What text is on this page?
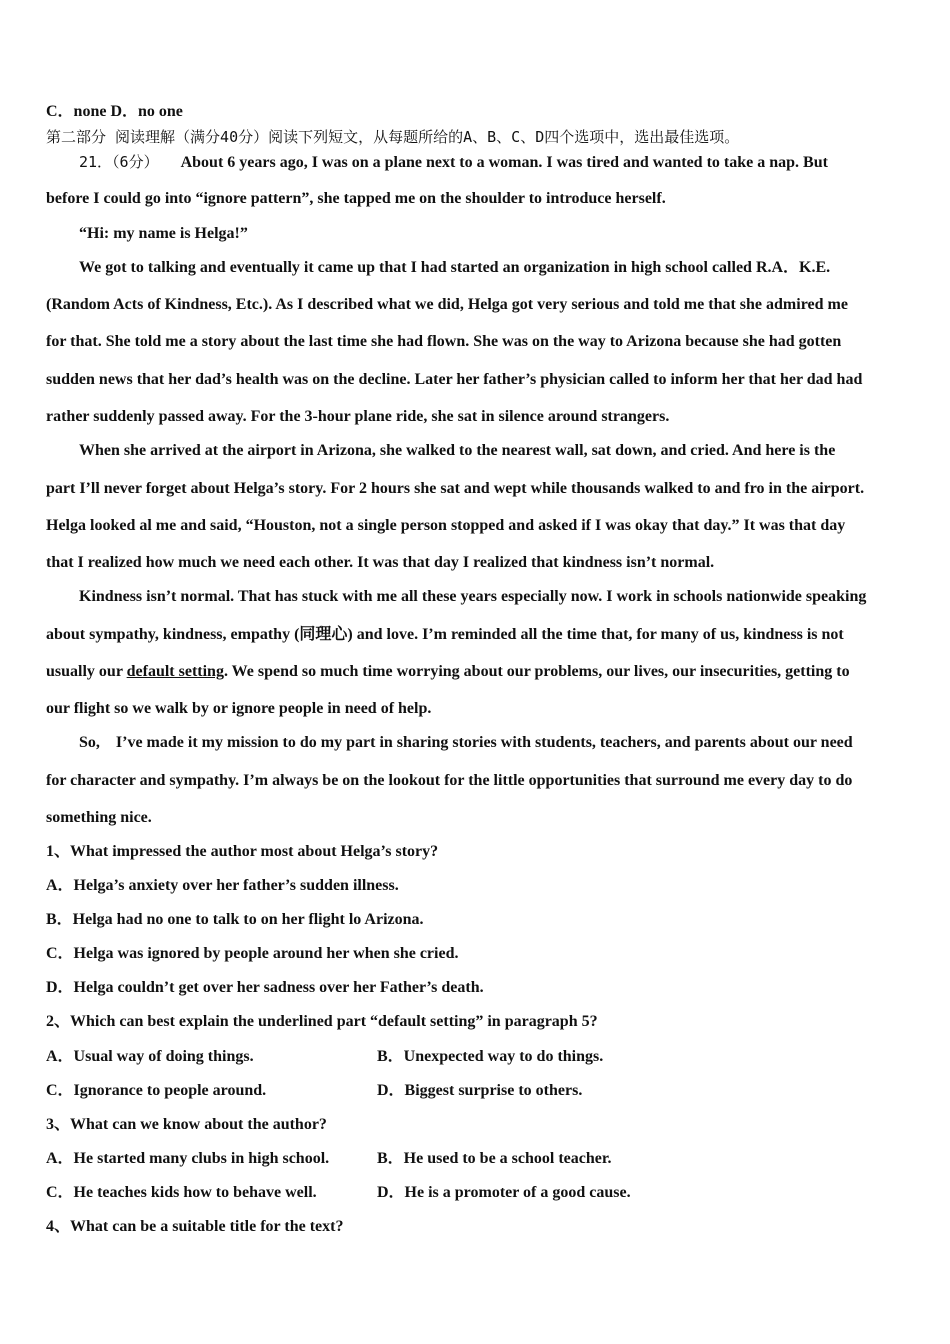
C．none D．no one
第二部分 阅读理解（满分40分）阅读下列短文，从每题所给的A、B、C、D四个选项中，选出最佳选项。
21．（6分） About 6 years ago, I was on a plane next to a woman. I was tired and wanted to take a nap. But
before I could go into “ignore pattern”, she tapped me on the shoulder to introduce herself.
“Hi: my name is Helga!”
We got to talking and eventually it came up that I had started an organization in high school called R.A．K.E.
(Random Acts of Kindness, Etc.). As I described what we did, Helga got very serious and told me that she admired me
for that. She told me a story about the last time she had flown. She was on the way to Arizona because she had gotten
sudden news that her dad’s health was on the decline. Later her father’s physician called to inform her that her dad had
rather suddenly passed away. For the 3-hour plane ride, she sat in silence around strangers.
When she arrived at the airport in Arizona, she walked to the nearest wall, sat down, and cried. And here is the
part I’ll never forget about Helga’s story. For 2 hours she sat and wept while thousands walked to and fro in the airport.
Helga looked al me and said, “Houston, not a single person stopped and asked if I was okay that day.” It was that day
that I realized how much we need each other. It was that day I realized that kindness isn’t normal.
Kindness isn’t normal. That has stuck with me all these years especially now. I work in schools nationwide speaking
about sympathy, kindness, empathy (同理心) and love. I’m reminded all the time that, for many of us, kindness is not
usually our default setting. We spend so much time worrying about our problems, our lives, our insecurities, getting to
our flight so we walk by or ignore people in need of help.
So,　I’ve made it my mission to do my part in sharing stories with students, teachers, and parents about our need
for character and sympathy. I’m always be on the lookout for the little opportunities that surround me every day to do
something nice.
1、What impressed the author most about Helga’s story?
A．Helga’s anxiety over her father’s sudden illness.
B．Helga had no one to talk to on her flight lo Arizona.
C．Helga was ignored by people around her when she cried.
D．Helga couldn’t get over her sadness over her Father’s death.
2、Which can best explain the underlined part “default setting” in paragraph 5?
A．Usual way of doing things.	B．Unexpected way to do things.
C．Ignorance to people around.	D．Biggest surprise to others.
3、What can we know about the author?
A．He started many clubs in high school.	B．He used to be a school teacher.
C．He teaches kids how to behave well.	D．He is a promoter of a good cause.
4、What can be a suitable title for the text?
